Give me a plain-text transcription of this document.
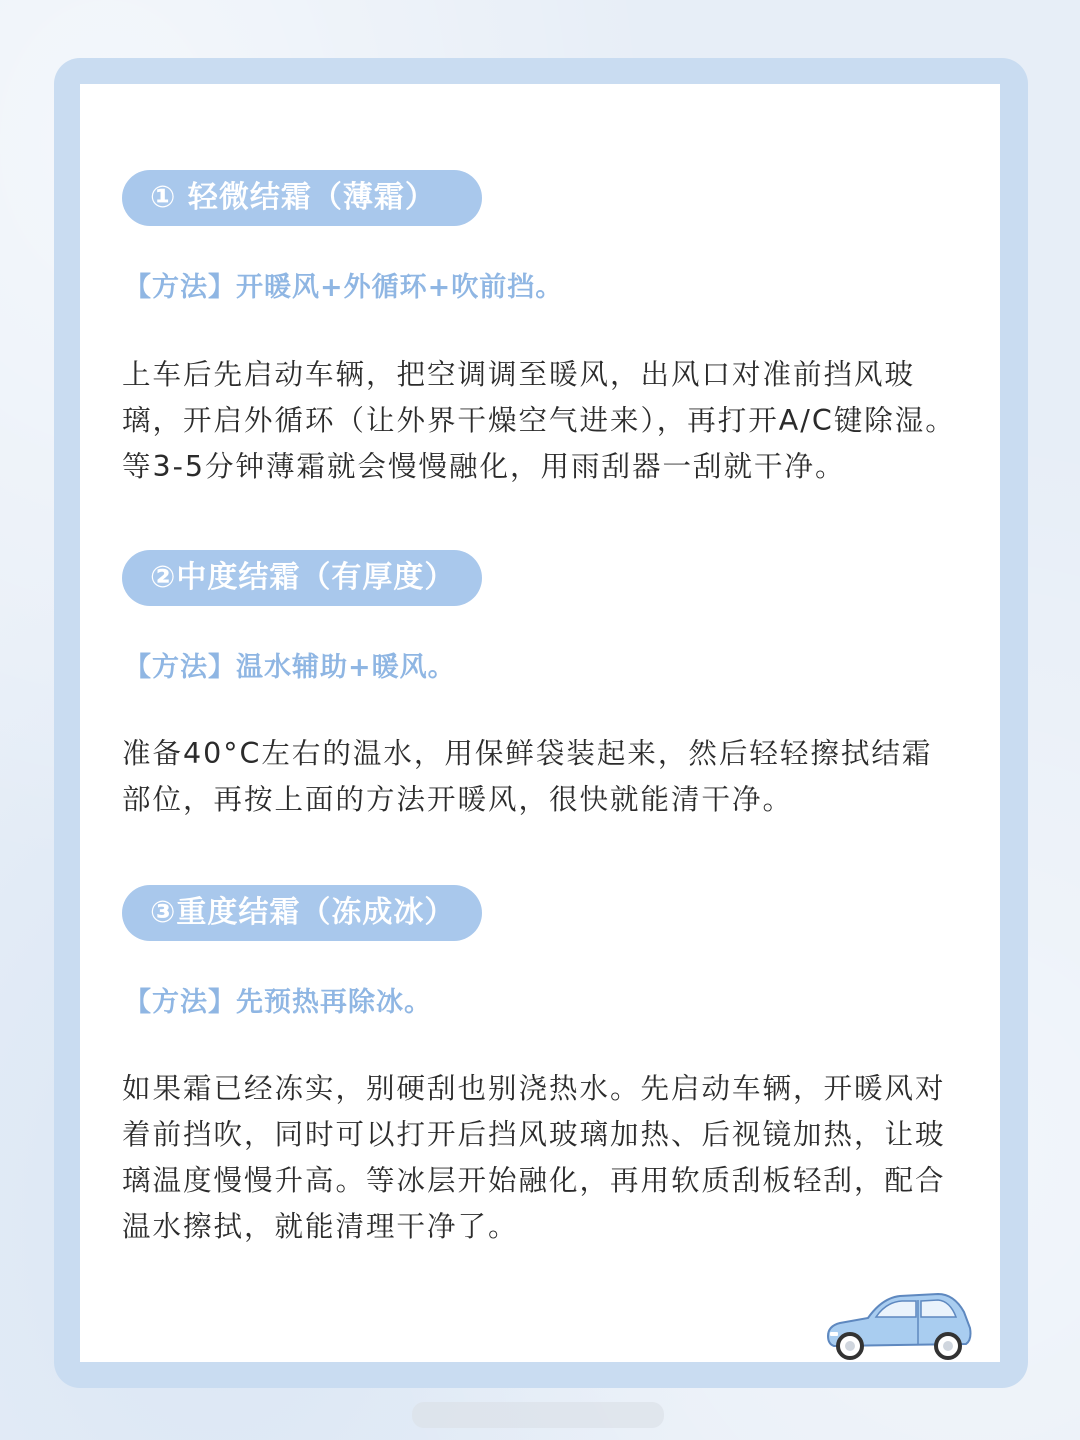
① 轻微结霜（薄霜）
【方法】开暖风+外循环+吹前挡。
上车后先启动车辆，把空调调至暖风，出风口对准前挡风玻璃，开启外循环（让外界干燥空气进来），再打开A/C键除湿。等3-5分钟薄霜就会慢慢融化，用雨刮器一刮就干净。
②中度结霜（有厚度）
【方法】温水辅助+暖风。
准备40°C左右的温水，用保鲜袋装起来，然后轻轻擦拭结霜部位，再按上面的方法开暖风，很快就能清干净。
③重度结霜（冻成冰）
【方法】先预热再除冰。
如果霜已经冻实，别硬刮也别浇热水。先启动车辆，开暖风对着前挡吹，同时可以打开后挡风玻璃加热、后视镜加热，让玻璃温度慢慢升高。等冰层开始融化，再用软质刮板轻刮，配合温水擦拭，就能清理干净了。
